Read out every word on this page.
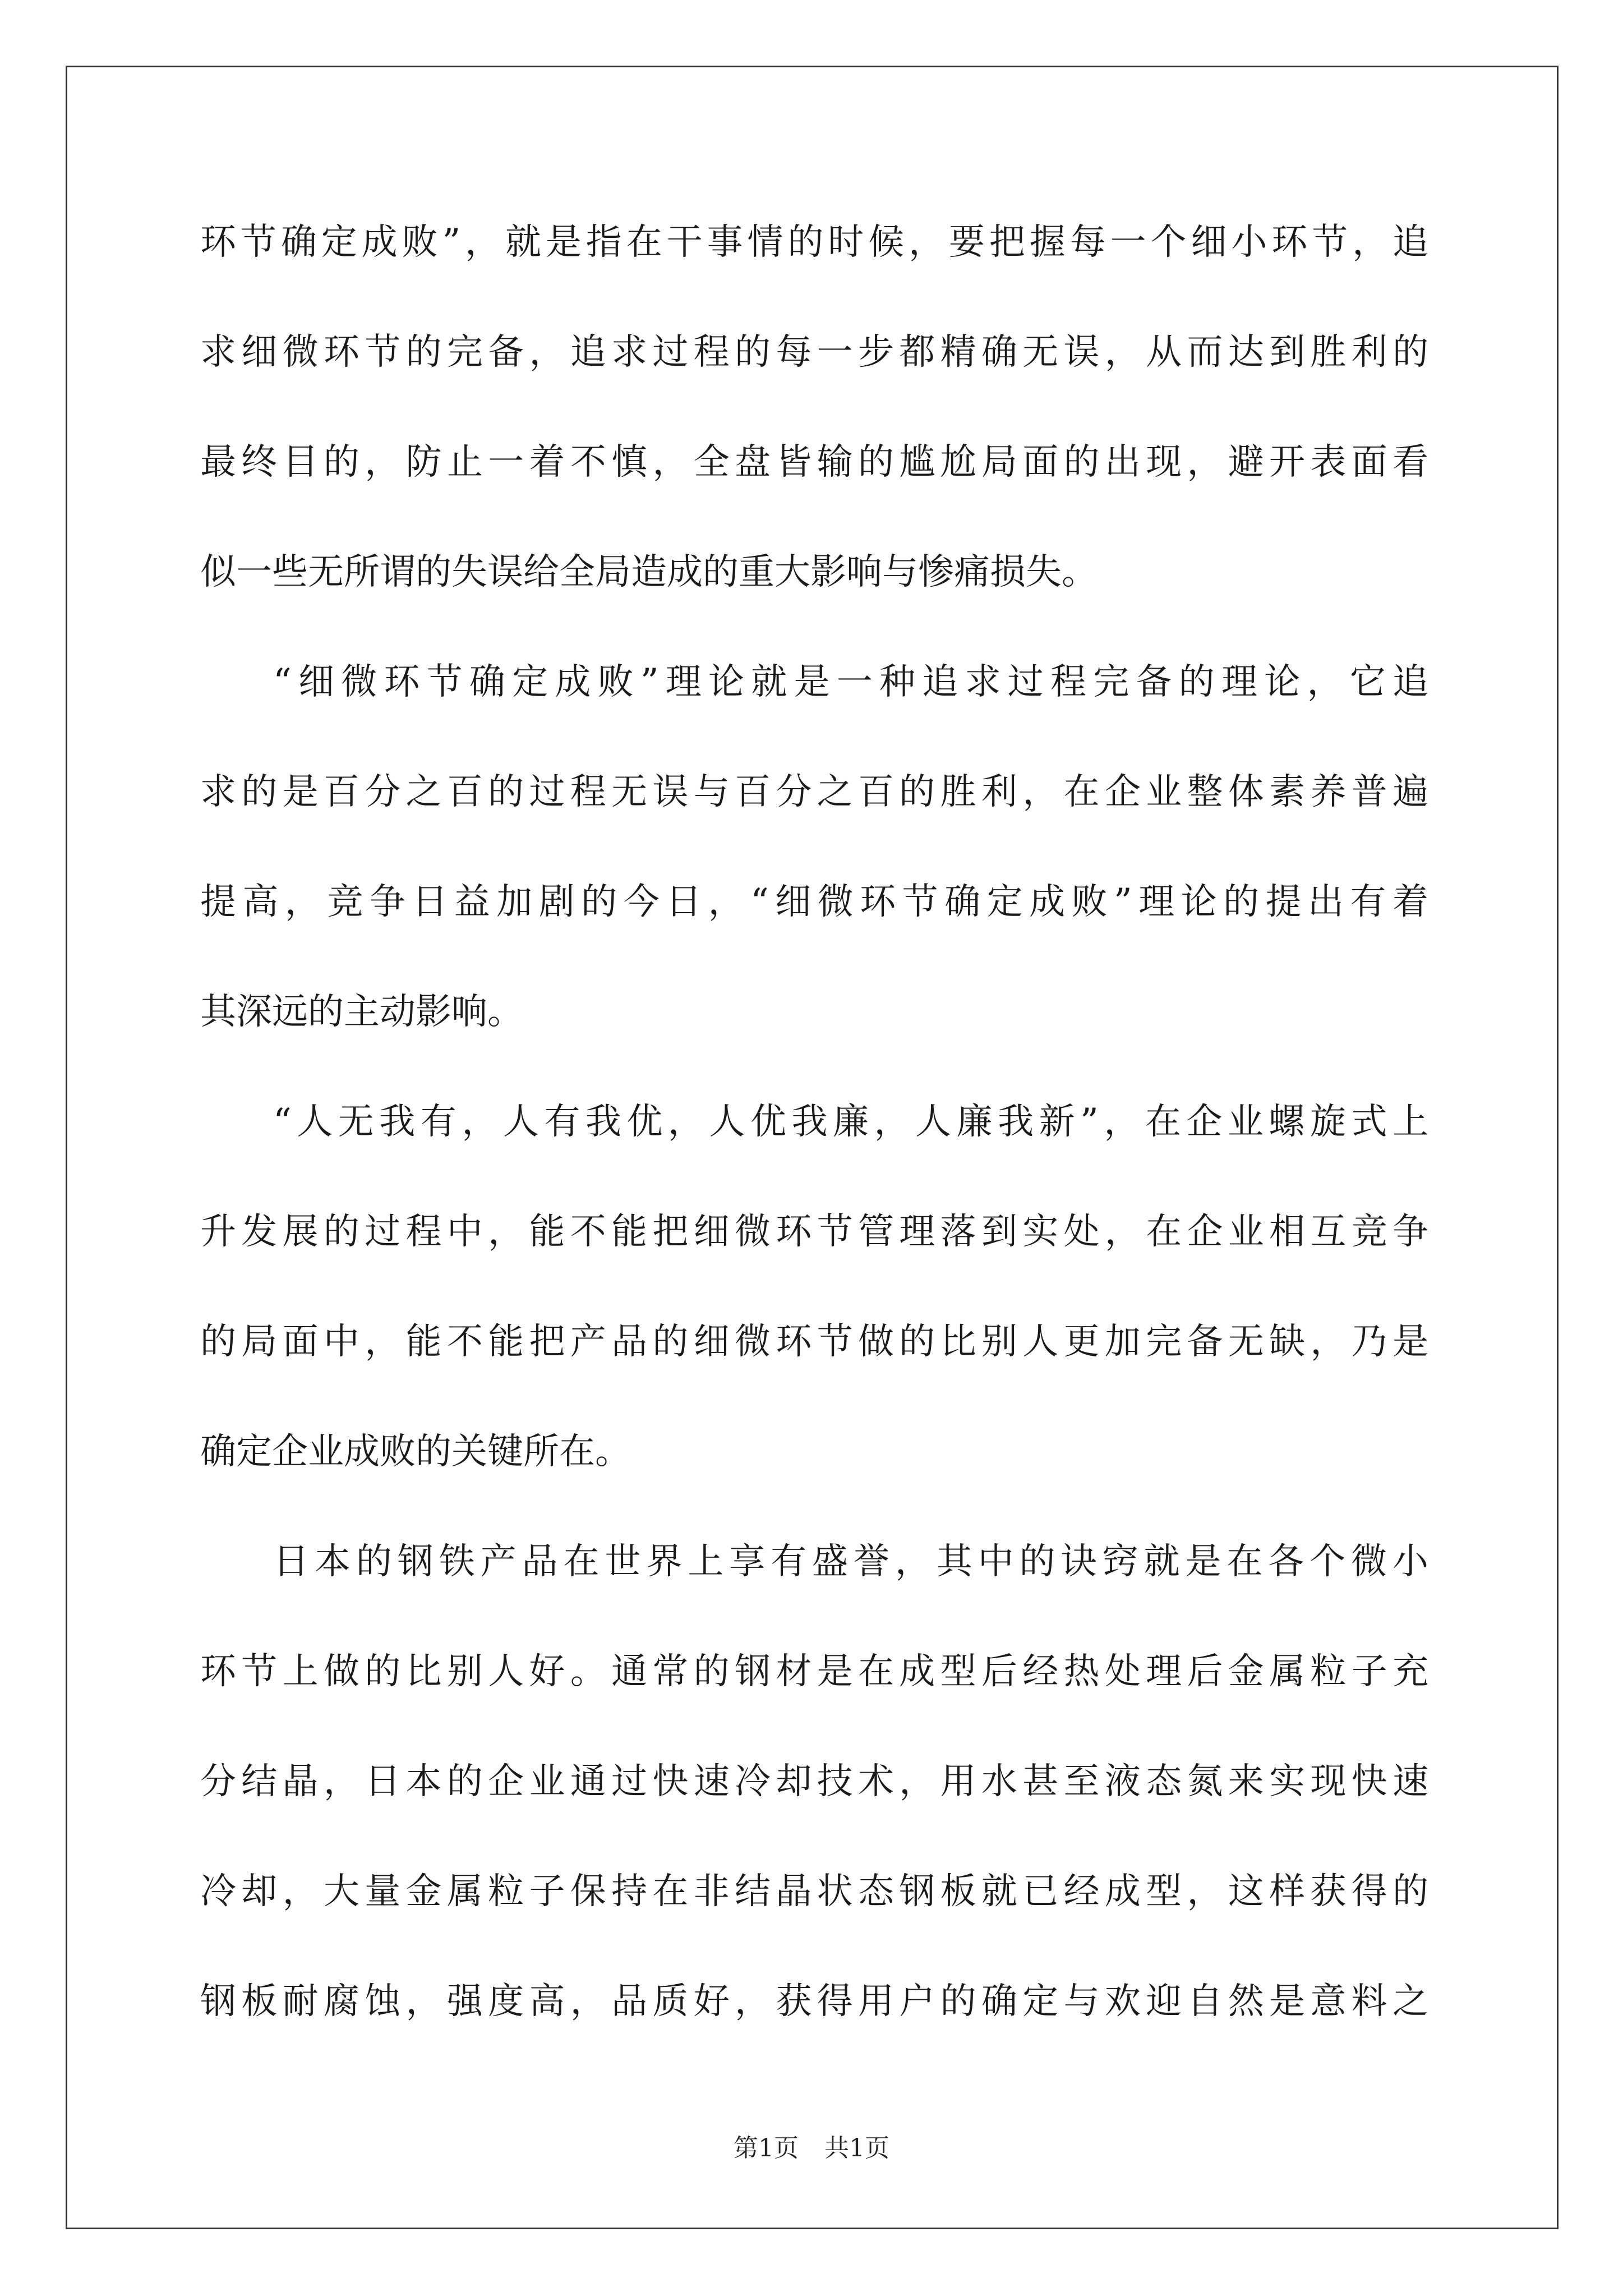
环节确定成败”，就是指在干事情的时候，要把握每一个细小环节，追
求细微环节的完备，追求过程的每一步都精确无误，从而达到胜利的
最终目的，防止一着不慎，全盘皆输的尴尬局面的出现，避开表面看
似一些无所谓的失误给全局造成的重大影响与惨痛损失。
“细微环节确定成败”理论就是一种追求过程完备的理论，它追
求的是百分之百的过程无误与百分之百的胜利，在企业整体素养普遍
提高，竞争日益加剧的今日，“细微环节确定成败”理论的提出有着
其深远的主动影响。
“人无我有，人有我优，人优我廉，人廉我新”，在企业螺旋式上
升发展的过程中，能不能把细微环节管理落到实处，在企业相互竞争
的局面中，能不能把产品的细微环节做的比别人更加完备无缺，乃是
确定企业成败的关键所在。
日本的钢铁产品在世界上享有盛誉，其中的诀窍就是在各个微小
环节上做的比别人好。通常的钢材是在成型后经热处理后金属粒子充
分结晶，日本的企业通过快速冷却技术，用水甚至液态氮来实现快速
冷却，大量金属粒子保持在非结晶状态钢板就已经成型，这样获得的
钢板耐腐蚀，强度高，品质好，获得用户的确定与欢迎自然是意料之
第1页 共1页
